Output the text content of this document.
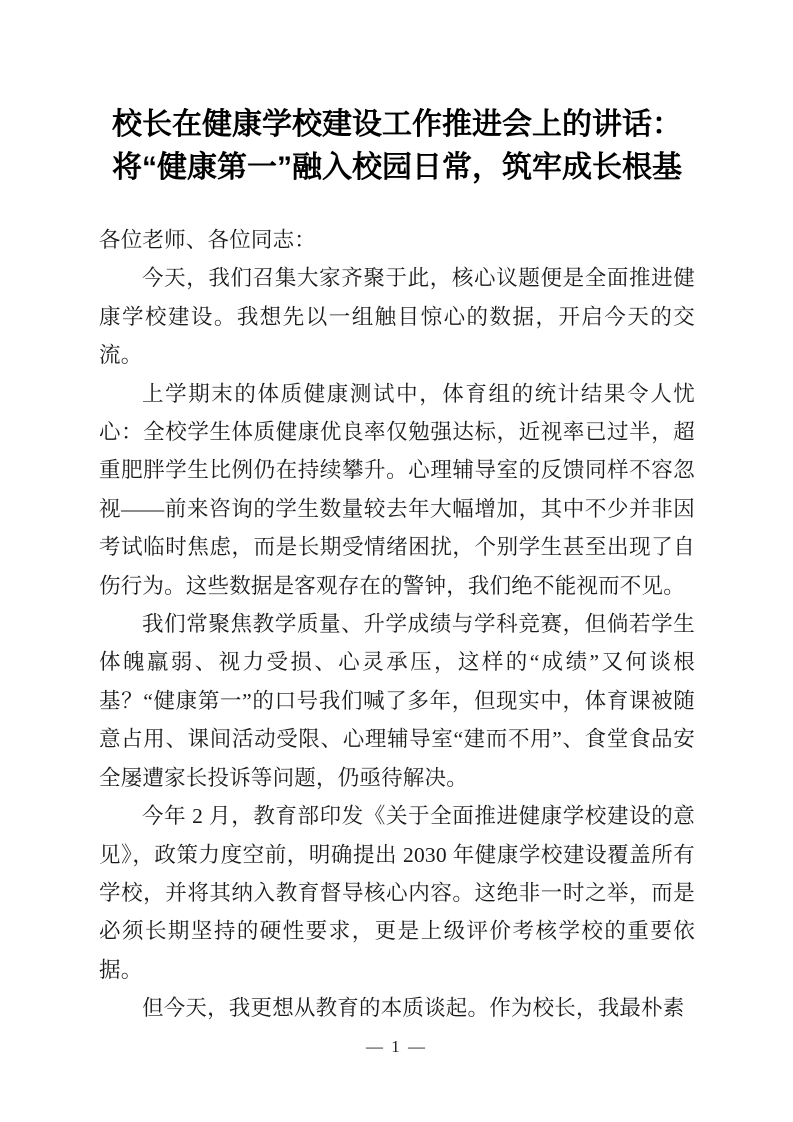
校长在健康学校建设工作推进会上的讲话：将“健康第一”融入校园日常，筑牢成长根基

各位老师、各位同志：

今天，我们召集大家齐聚于此，核心议题便是全面推进健康学校建设。我想先以一组触目惊心的数据，开启今天的交流。

上学期末的体质健康测试中，体育组的统计结果令人忧心：全校学生体质健康优良率仅勉强达标，近视率已过半，超重肥胖学生比例仍在持续攀升。心理辅导室的反馈同样不容忽视——前来咨询的学生数量较去年大幅增加，其中不少并非因考试临时焦虑，而是长期受情绪困扰，个别学生甚至出现了自伤行为。这些数据是客观存在的警钟，我们绝不能视而不见。

我们常聚焦教学质量、升学成绩与学科竞赛，但倘若学生体魄羸弱、视力受损、心灵承压，这样的“成绩”又何谈根基？“健康第一”的口号我们喊了多年，但现实中，体育课被随意占用、课间活动受限、心理辅导室“建而不用”、食堂食品安全屡遭家长投诉等问题，仍亟待解决。

今年 2 月，教育部印发《关于全面推进健康学校建设的意见》，政策力度空前，明确提出 2030 年健康学校建设覆盖所有学校，并将其纳入教育督导核心内容。这绝非一时之举，而是必须长期坚持的硬性要求，更是上级评价考核学校的重要依据。

但今天，我更想从教育的本质谈起。作为校长，我最朴素

— 1 —
